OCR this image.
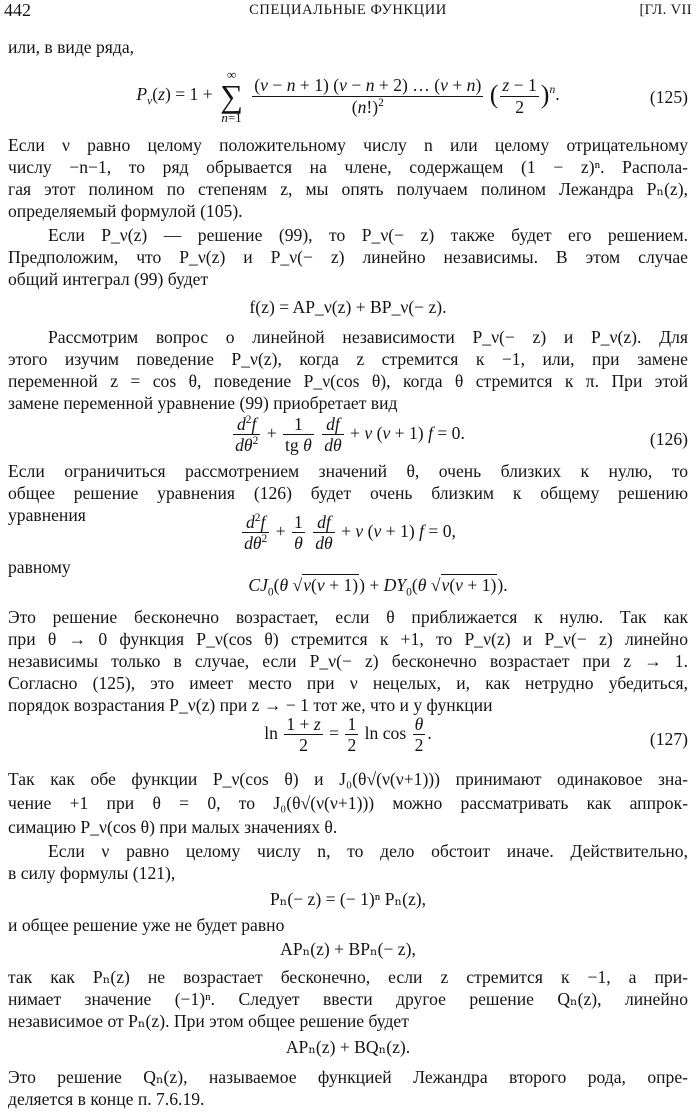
442	СПЕЦИАЛЬНЫЕ ФУНКЦИИ	[ГЛ. VII
или, в виде ряда,
$P_\nu(z) = 1$ + ∞
∑
n=1
$\frac{(\nu - n + 1) (\nu - n + 2) \dots (\nu + n)}{(n!)^2}$ ( $\frac{z - 1}{2} )^n$.	(125)
Если ν равно целому положительному числу n или целому отрицательному
числу −n−1, то ряд обрывается на члене, содержащем (1 − z)ⁿ. Распола-
гая этот полином по степеням z, мы опять получаем полином Лежандра Pₙ(z),
определяемый формулой (105).
Если P_ν(z) — решение (99), то P_ν(− z) также будет его решением.
Предположим, что P_ν(z) и P_ν(− z) линейно независимы. В этом случае
общий интеграл (99) будет
f(z) = AP_ν(z) + BP_ν(− z).
Рассмотрим вопрос о линейной независимости P_ν(− z) и P_ν(z). Для
этого изучим поведение P_ν(z), когда z стремится к −1, или, при замене
переменной z = cos θ, поведение P_ν(cos θ), когда θ стремится к π. При этой
замене переменной уравнение (99) приобретает вид
$\frac{d^2f}{d\theta^2} + \frac{1}{\text{tg θ}}$
$\frac{df}{d\theta} + \nu$ (ν + 1) f = 0.	(126)
Если ограничиться рассмотрением значений θ, очень близких к нулю, то
общее решение уравнения (126) будет очень близким к общему решению
уравнения	$\frac{d^2f}{d\theta^2} + \frac{1}{\theta}$
$\frac{df}{d\theta} + \nu$ (ν + 1) f = 0,
равному
$CJ_0(\theta$ $√\nu(\nu + 1)) + DY_0(\theta$ √ν(ν + 1)).
Это решение бесконечно возрастает, если θ приближается к нулю. Так как
при θ → 0 функция P_ν(cos θ) стремится к +1, то P_ν(z) и P_ν(− z) линейно
независимы только в случае, если P_ν(− z) бесконечно возрастает при z → 1.
Согласно (125), это имеет место при ν нецелых, и, как нетрудно убедиться,
порядок возрастания P_ν(z) при z → − 1 тот же, что и у функции
$\ln \frac{1 + z}{2} = \frac{1}{2}$ $\ln \cos \frac{\theta}{2}$ .	(127)
Так как обе функции P_ν(cos θ) и J₀(θ√(ν(ν+1))) принимают одинаковое зна-
чение +1 при θ = 0, то J₀(θ√(ν(ν+1))) можно рассматривать как аппрок-
симацию P_ν(cos θ) при малых значениях θ.
Если ν равно целому числу n, то дело обстоит иначе. Действительно,
в силу формулы (121),
Pₙ(− z) = (− 1)ⁿ Pₙ(z),
и общее решение уже не будет равно
APₙ(z) + BPₙ(− z),
так как Pₙ(z) не возрастает бесконечно, если z стремится к −1, а при-
нимает значение (−1)ⁿ. Следует ввести другое решение Qₙ(z), линейно
независимое от Pₙ(z). При этом общее решение будет
APₙ(z) + BQₙ(z).
Это решение Qₙ(z), называемое функцией Лежандра второго рода, опре-
деляется в конце п. 7.6.19.
